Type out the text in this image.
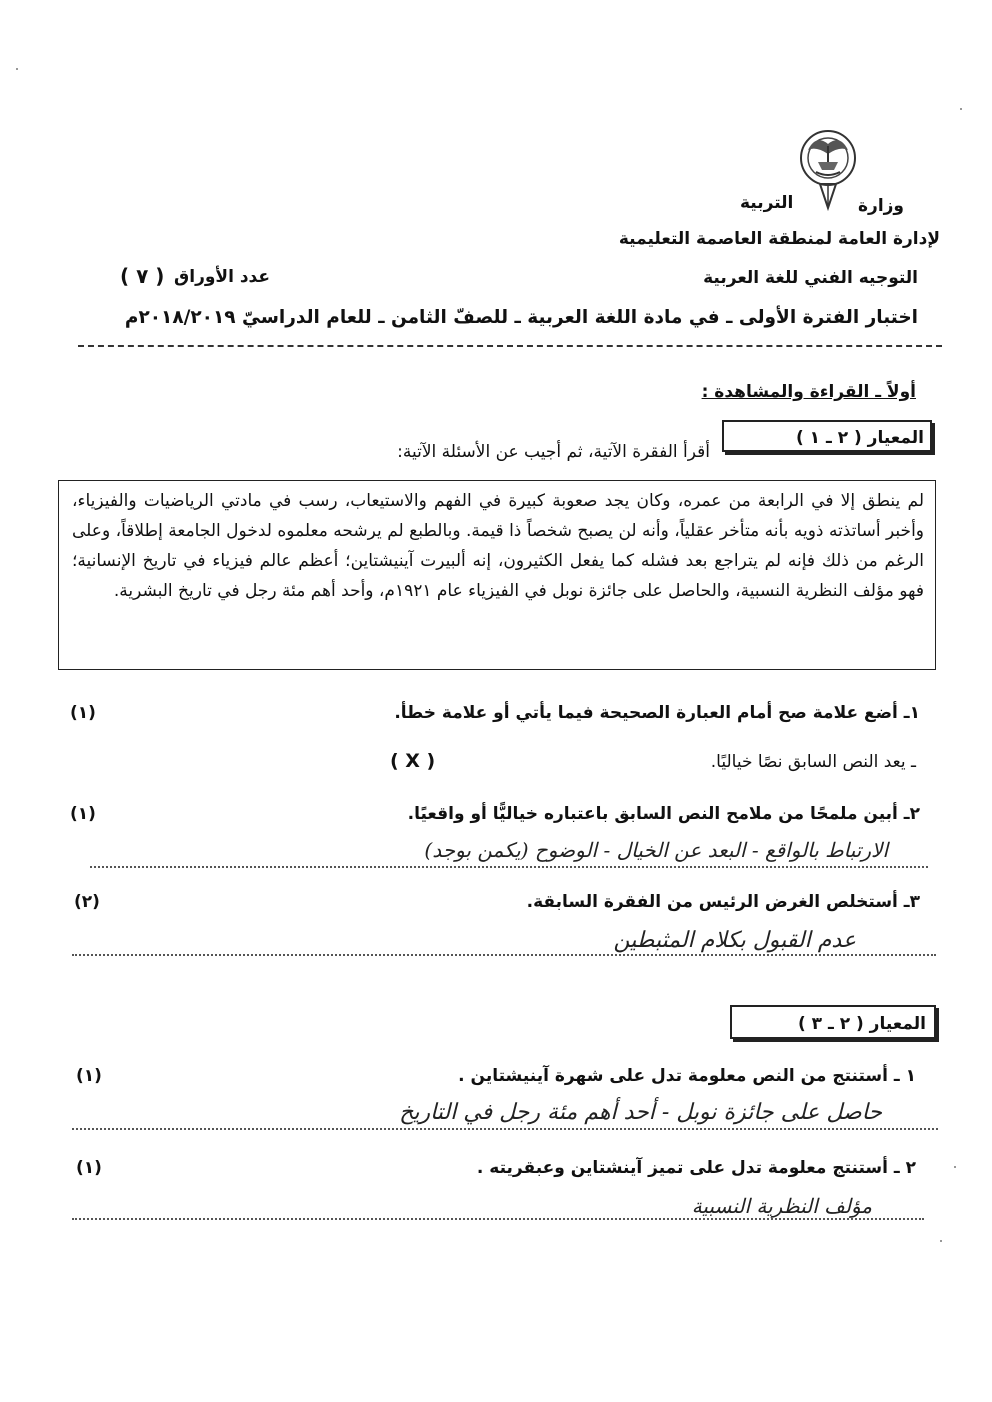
وزارة
التربية
لإدارة العامة لمنطقة العاصمة التعليمية
التوجيه الفني للغة العربية
عدد الأوراق
( ٧ )
اختبار الفترة الأولى ـ في مادة اللغة العربية ـ للصفّ الثامن ـ للعام الدراسيّ ٢٠١٨/٢٠١٩م
أولاً ـ القراءة والمشاهدة :
المعيار ( ٢ ـ ١ )
أقرأ الفقرة الآتية، ثم أجيب عن الأسئلة الآتية:
لم ينطق إلا في الرابعة من عمره، وكان يجد صعوبة كبيرة في الفهم والاستيعاب، رسب في مادتي الرياضيات والفيزياء، وأخبر أساتذته ذويه بأنه متأخر عقلياً، وأنه لن يصبح شخصاً ذا قيمة. وبالطبع لم يرشحه معلموه لدخول الجامعة إطلاقاً، وعلى الرغم من ذلك فإنه لم يتراجع بعد فشله كما يفعل الكثيرون، إنه ألبيرت آينيشتاين؛ أعظم عالم فيزياء في تاريخ الإنسانية؛ فهو مؤلف النظرية النسبية، والحاصل على جائزة نوبل في الفيزياء عام ١٩٢١م، وأحد أهم مئة رجل في تاريخ البشرية.
١ـ أضع علامة صح أمام العبارة الصحيحة فيما يأتي أو علامة خطأ.
(١)
ـ يعد النص السابق نصًا خياليًا.
( X )
٢ـ أبين ملمحًا من ملامح النص السابق باعتباره خياليًّا أو واقعيًا.
(١)
الارتباط بالواقع - البعد عن الخيال - الوضوح (يكمن بوجد)
٣ـ أستخلص الغرض الرئيس من الفقرة السابقة.
(٢)
عدم القبول بكلام المثبطين
المعيار ( ٢ ـ ٣ )
١ ـ أستنتج من النص معلومة تدل على شهرة آينيشتاين .
(١)
حاصل على جائزة نوبل - أحد أهم مئة رجل في التاريخ
٢ ـ أستنتج معلومة تدل على تميز آينشتاين وعبقريته .
(١)
مؤلف النظرية النسبية
